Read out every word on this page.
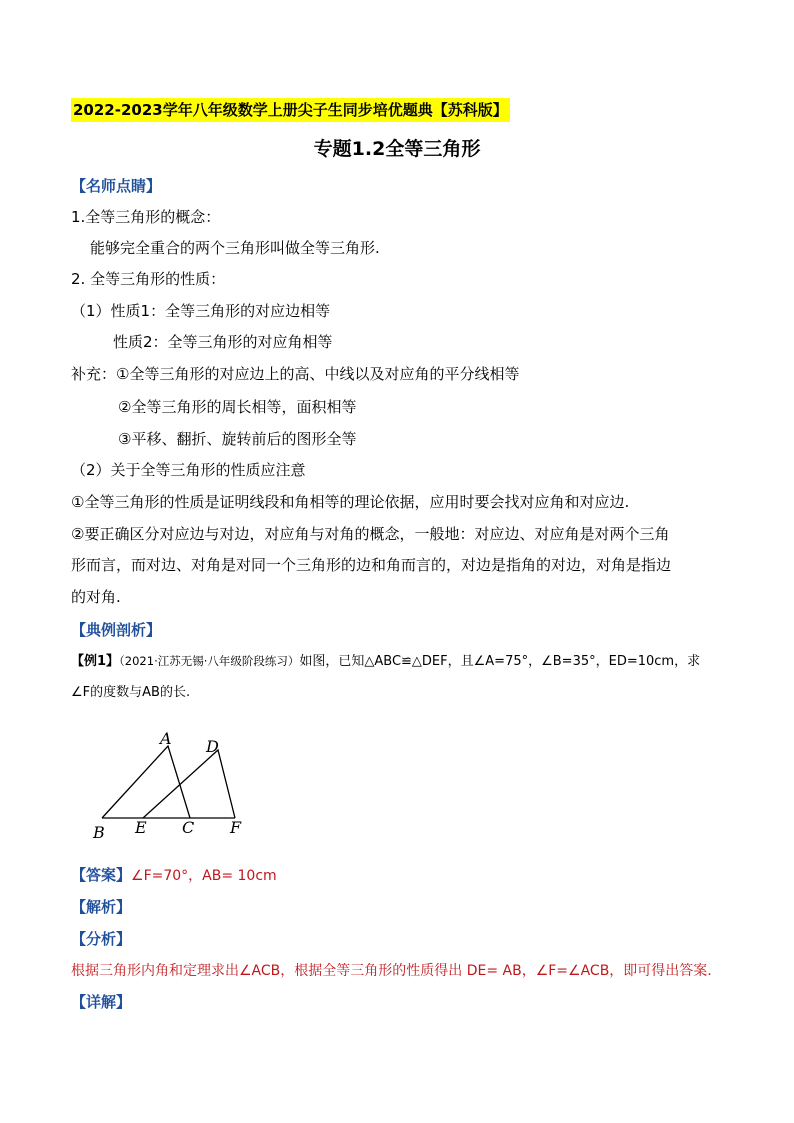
2022-2023学年八年级数学上册尖子生同步培优题典【苏科版】
专题1.2全等三角形
【名师点睛】
1.全等三角形的概念：
能够完全重合的两个三角形叫做全等三角形.
2. 全等三角形的性质：
（1）性质1：全等三角形的对应边相等
性质2：全等三角形的对应角相等
补充：①全等三角形的对应边上的高、中线以及对应角的平分线相等
②全等三角形的周长相等，面积相等
③平移、翻折、旋转前后的图形全等
（2）关于全等三角形的性质应注意
①全等三角形的性质是证明线段和角相等的理论依据，应用时要会找对应角和对应边.
②要正确区分对应边与对边，对应角与对角的概念，一般地：对应边、对应角是对两个三角
形而言，而对边、对角是对同一个三角形的边和角而言的，对边是指角的对边，对角是指边
的对角.
【典例剖析】
【例1】（2021·江苏无锡·八年级阶段练习）如图，已知△ABC≌△DEF，且∠A=75°，∠B=35°，ED=10cm，求
∠F的度数与AB的长.
A D
B E C F
【答案】∠F=70°，AB= 10cm
【解析】
【分析】
根据三角形内角和定理求出∠ACB，根据全等三角形的性质得出 DE= AB，∠F=∠ACB，即可得出答案.
【详解】
